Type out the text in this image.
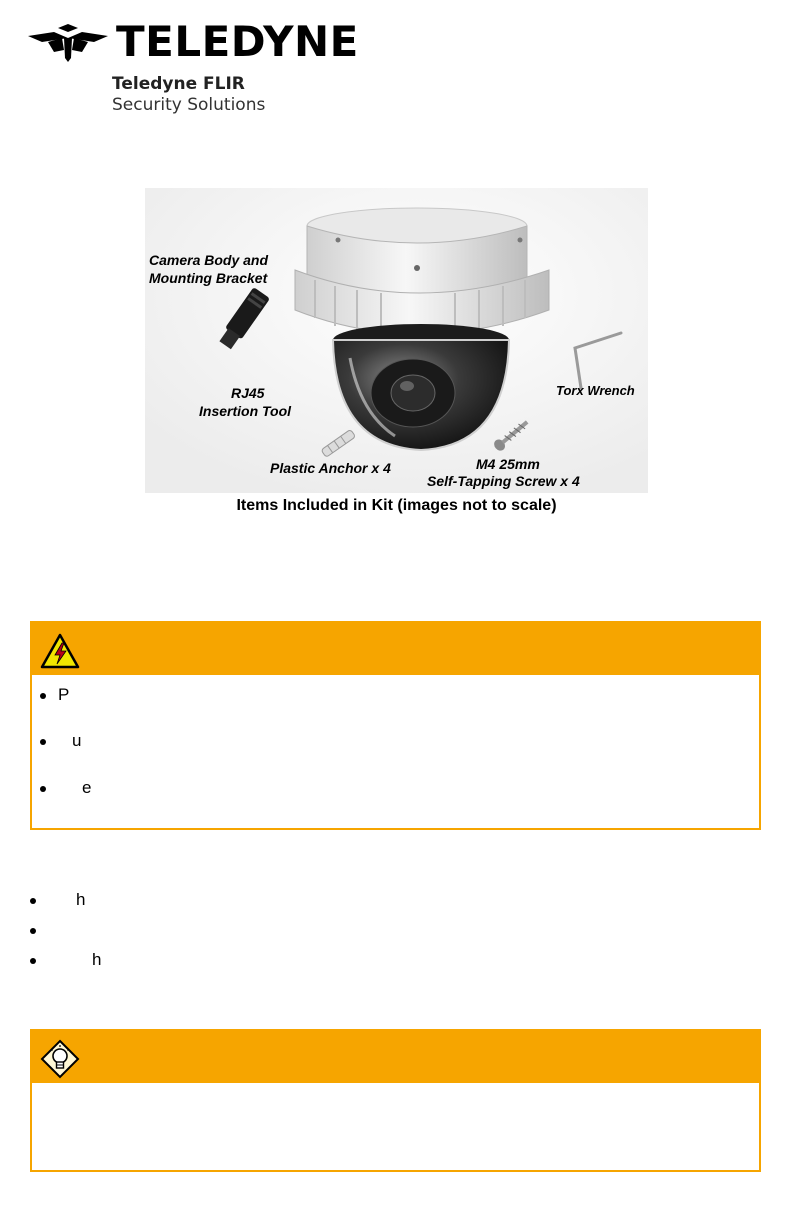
TELEDYNE
Teledyne FLIR
Security Solutions
Camera Body and
Mounting Bracket
RJ45
Insertion Tool
Torx Wrench
Plastic Anchor x 4	M4 25mm
Self-Tapping Screw x 4
Items Included in Kit (images not to scale)
P
u
e
h
h
